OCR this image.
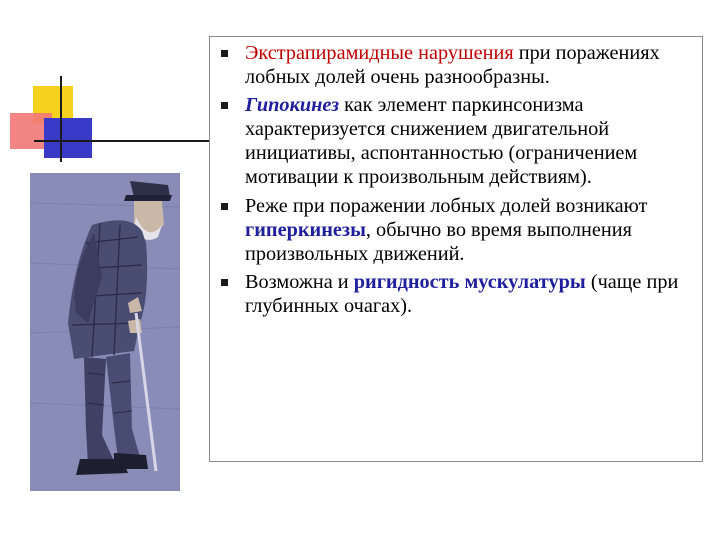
Экстрапирамидные нарушения при поражениях лобных долей очень разнообразны.
Гипокинез как элемент паркинсонизма характеризуется снижением двигательной инициативы, аспонтанностью (ограничением мотивации к произвольным действиям).
Реже при поражении лобных долей возникают гиперкинезы, обычно во время выполнения произвольных движений.
Возможна и ригидность мускулатуры (чаще при глубинных очагах).
